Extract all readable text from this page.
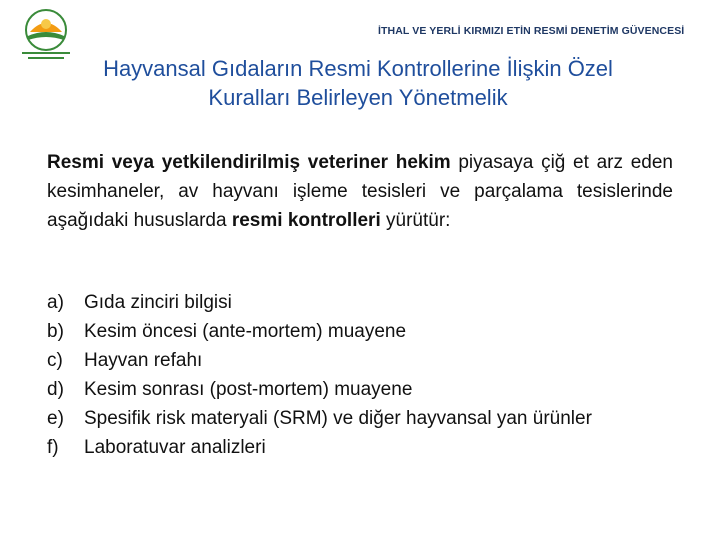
İTHAL VE YERLİ KIRMIZI ETİN RESMİ DENETİM GÜVENCESİ
Hayvansal Gıdaların Resmi Kontrollerine İlişkin Özel
Kuralları Belirleyen Yönetmelik
Resmi veya yetkilendirilmiş veteriner hekim piyasaya çiğ et arz eden kesimhaneler, av hayvanı işleme tesisleri ve parçalama tesislerinde aşağıdaki hususlarda resmi kontrolleri yürütür:
a)	Gıda zinciri bilgisi
b)	Kesim öncesi (ante-mortem) muayene
c)	Hayvan refahı
d)	Kesim sonrası (post-mortem) muayene
e)	Spesifik risk materyali (SRM) ve diğer hayvansal yan ürünler
f)	Laboratuvar analizleri
